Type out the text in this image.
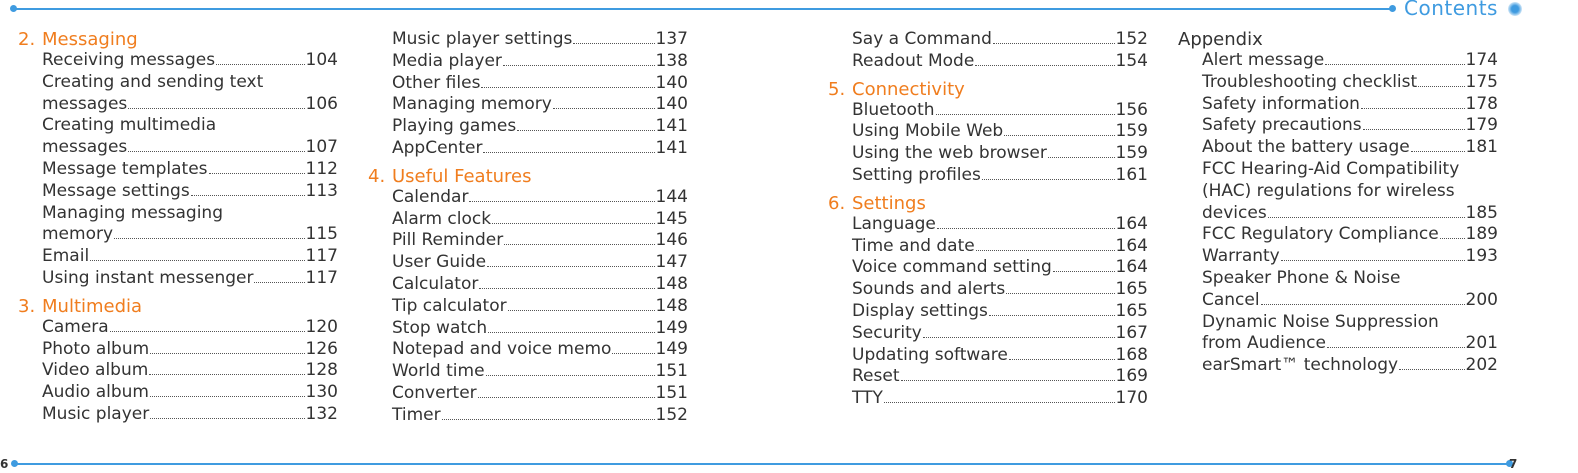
Contents
2. Messaging
Receiving messages	104
Creating and sending text
messages	106
Creating multimedia
messages	107
Message templates	112
Message settings	113
Managing messaging
memory	115
Email	117
Using instant messenger	117
3. Multimedia
Camera	120
Photo album	126
Video album	128
Audio album	130
Music player	132
Music player settings	137
Media player	138
Other files	140
Managing memory	140
Playing games	141
AppCenter	141
4. Useful Features
Calendar	144
Alarm clock	145
Pill Reminder	146
User Guide	147
Calculator	148
Tip calculator	148
Stop watch	149
Notepad and voice memo	149
World time	151
Converter	151
Timer	152
Say a Command	152
Readout Mode	154
5. Connectivity
Bluetooth	156
Using Mobile Web	159
Using the web browser	159
Setting profiles	161
6. Settings
Language	164
Time and date	164
Voice command setting	164
Sounds and alerts	165
Display settings	165
Security	167
Updating software	168
Reset	169
TTY	170
Appendix
Alert message	174
Troubleshooting checklist	175
Safety information	178
Safety precautions	179
About the battery usage	181
FCC Hearing-Aid Compatibility
(HAC) regulations for wireless
devices	185
FCC Regulatory Compliance 189
Warranty	193
Speaker Phone & Noise
Cancel	200
Dynamic Noise Suppression
from Audience	201
earSmart™ technology	202
6	7
